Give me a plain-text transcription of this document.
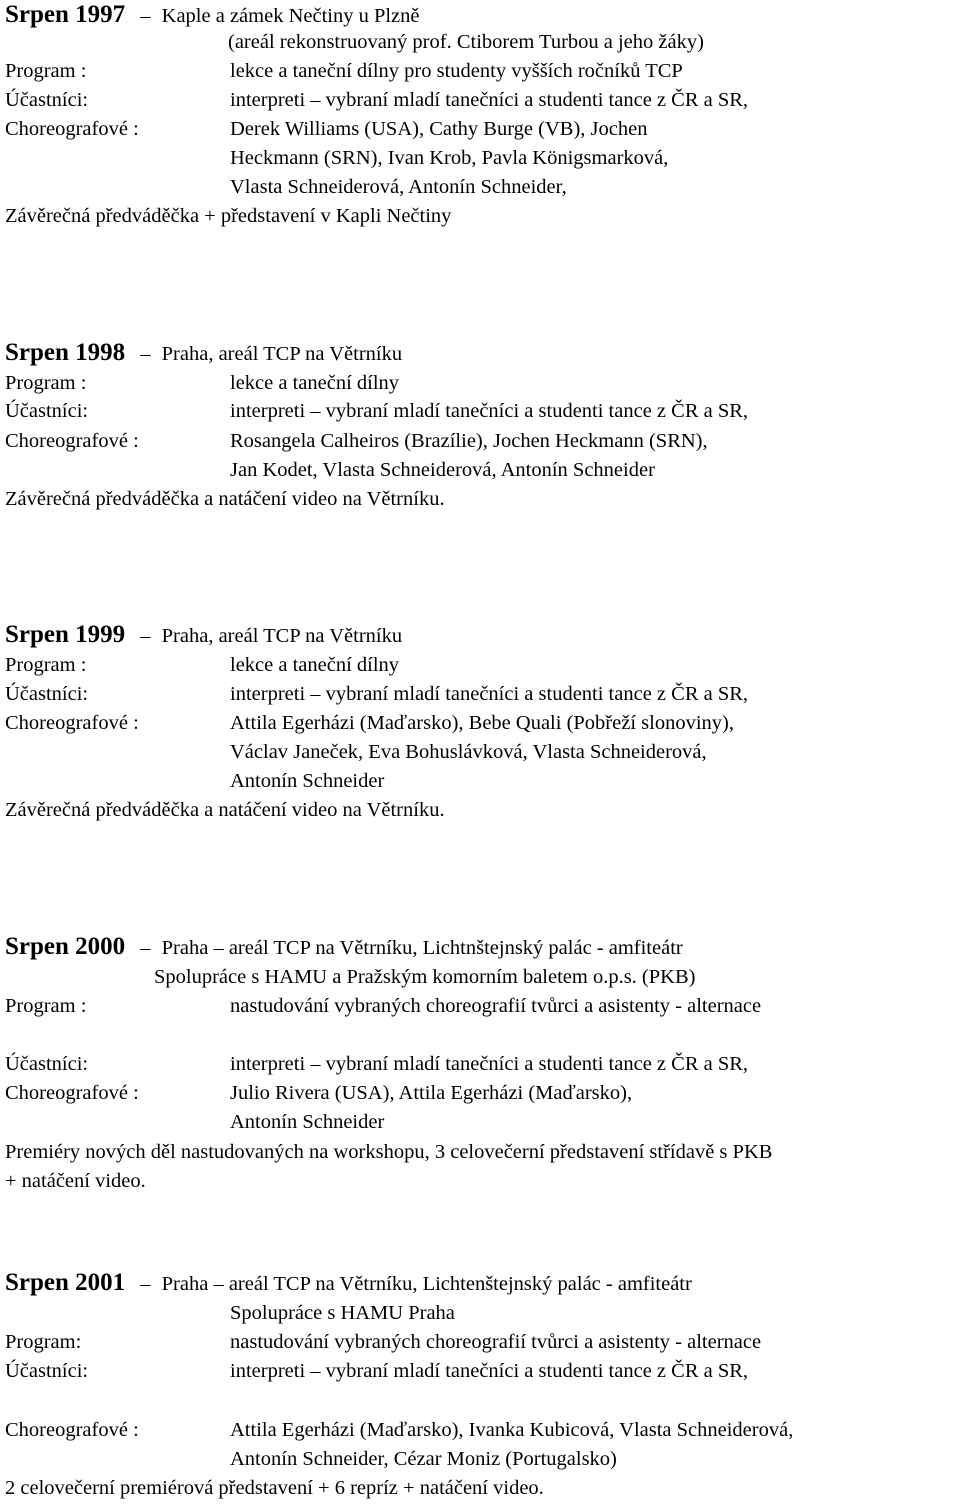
Srpen 1997 – Kaple a zámek Nečtiny u Plzně
(areál rekonstruovaný prof. Ctiborem Turbou a jeho žáky)
Program :	lekce a taneční dílny pro studenty vyšších ročníků TCP
Účastníci:	interpreti – vybraní mladí tanečníci a studenti tance z ČR a SR,
Choreografové :	Derek Williams (USA), Cathy Burge (VB), Jochen
Heckmann (SRN), Ivan Krob, Pavla Königsmarková,
Vlasta Schneiderová, Antonín Schneider,
Závěrečná předváděčka + představení v Kapli Nečtiny
Srpen 1998 – Praha, areál TCP na Větrníku
Program :	lekce a taneční dílny
Účastníci:	interpreti – vybraní mladí tanečníci a studenti tance z ČR a SR,
Choreografové :	Rosangela Calheiros (Brazílie), Jochen Heckmann (SRN),
Jan Kodet, Vlasta Schneiderová, Antonín Schneider
Závěrečná předváděčka a natáčení video na Větrníku.
Srpen 1999 – Praha, areál TCP na Větrníku
Program :	lekce a taneční dílny
Účastníci:	interpreti – vybraní mladí tanečníci a studenti tance z ČR a SR,
Choreografové :	Attila Egerházi (Maďarsko), Bebe Quali (Pobřeží slonoviny),
Václav Janeček, Eva Bohuslávková, Vlasta Schneiderová,
Antonín Schneider
Závěrečná předváděčka a natáčení video na Větrníku.
Srpen 2000 – Praha – areál TCP na Větrníku, Lichtnštejnský palác - amfiteátr
Spolupráce s HAMU a Pražským komorním baletem o.p.s. (PKB)
Program :	nastudování vybraných choreografií tvůrci a asistenty - alternace
Účastníci:	interpreti – vybraní mladí tanečníci a studenti tance z ČR a SR,
Choreografové :	Julio Rivera (USA), Attila Egerházi (Maďarsko),
Antonín Schneider
Premiéry nových děl nastudovaných na workshopu, 3 celovečerní představení střídavě s PKB
+ natáčení video.
Srpen 2001 – Praha – areál TCP na Větrníku, Lichtenštejnský palác - amfiteátr
Spolupráce s HAMU Praha
Program:	nastudování vybraných choreografií tvůrci a asistenty - alternace
Účastníci:	interpreti – vybraní mladí tanečníci a studenti tance z ČR a SR,
Choreografové :	Attila Egerházi (Maďarsko), Ivanka Kubicová, Vlasta Schneiderová,
Antonín Schneider, Cézar Moniz (Portugalsko)
2 celovečerní premiérová představení + 6 repríz + natáčení video.
